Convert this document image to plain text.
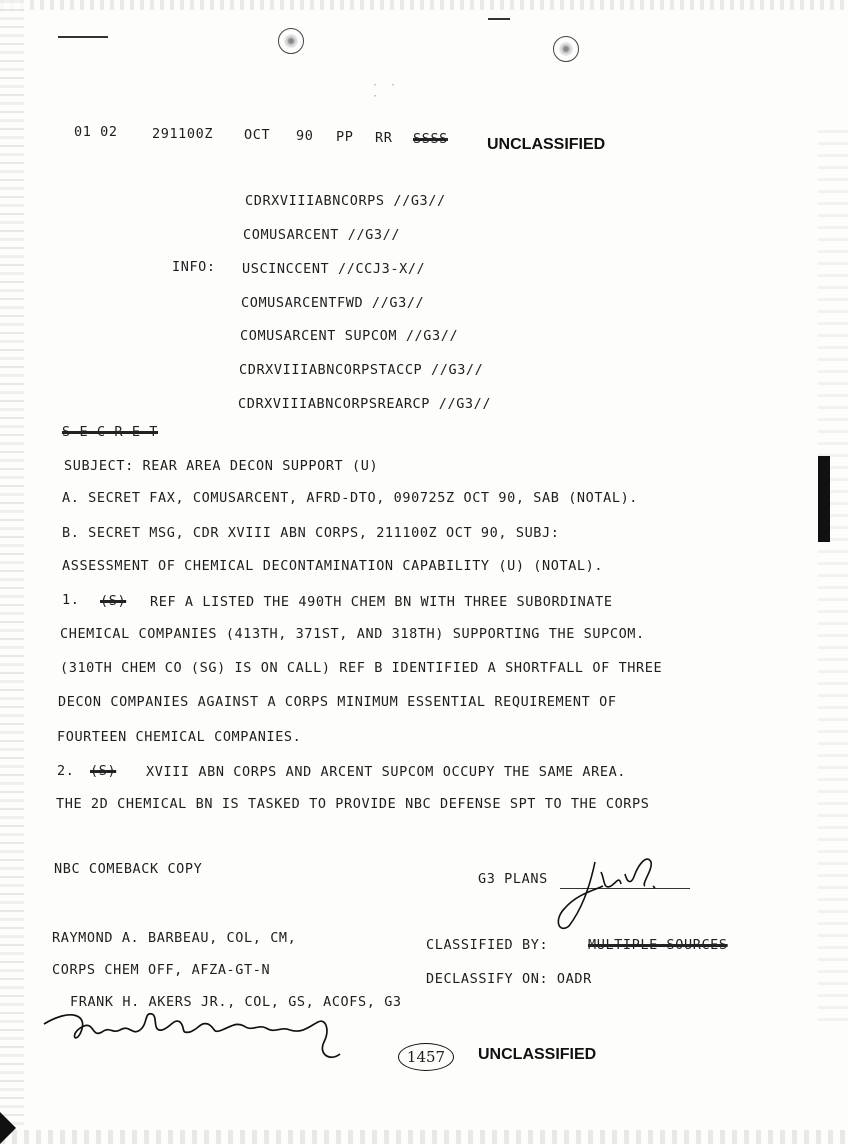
· ·
·
01 02	291100Z OCT 90 PP RR SSSS UNCLASSIFIED
CDRXVIIIABNCORPS //G3//
COMUSARCENT //G3//
INFO: USCINCCENT //CCJ3-X//
COMUSARCENTFWD //G3//
COMUSARCENT SUPCOM //G3//
CDRXVIIIABNCORPSTACCP //G3//
CDRXVIIIABNCORPSREARCP //G3//
S E C R E T
SUBJECT: REAR AREA DECON SUPPORT (U)
A. SECRET FAX, COMUSARCENT, AFRD-DTO, 090725Z OCT 90, SAB (NOTAL).
B. SECRET MSG, CDR XVIII ABN CORPS, 211100Z OCT 90, SUBJ:
ASSESSMENT OF CHEMICAL DECONTAMINATION CAPABILITY (U) (NOTAL).
1. (S) REF A LISTED THE 490TH CHEM BN WITH THREE SUBORDINATE
CHEMICAL COMPANIES (413TH, 371ST, AND 318TH) SUPPORTING THE SUPCOM.
(310TH CHEM CO (SG) IS ON CALL) REF B IDENTIFIED A SHORTFALL OF THREE
DECON COMPANIES AGAINST A CORPS MINIMUM ESSENTIAL REQUIREMENT OF
FOURTEEN CHEMICAL COMPANIES.
2. (S) XVIII ABN CORPS AND ARCENT SUPCOM OCCUPY THE SAME AREA.
THE 2D CHEMICAL BN IS TASKED TO PROVIDE NBC DEFENSE SPT TO THE CORPS
NBC COMEBACK COPY
G3 PLANS
RAYMOND A. BARBEAU, COL, CM,	CLASSIFIED BY:	MULTIPLE SOURCES
CORPS CHEM OFF, AFZA-GT-N
DECLASSIFY ON: OADR
FRANK H. AKERS JR., COL, GS, ACOFS, G3
1457	UNCLASSIFIED
